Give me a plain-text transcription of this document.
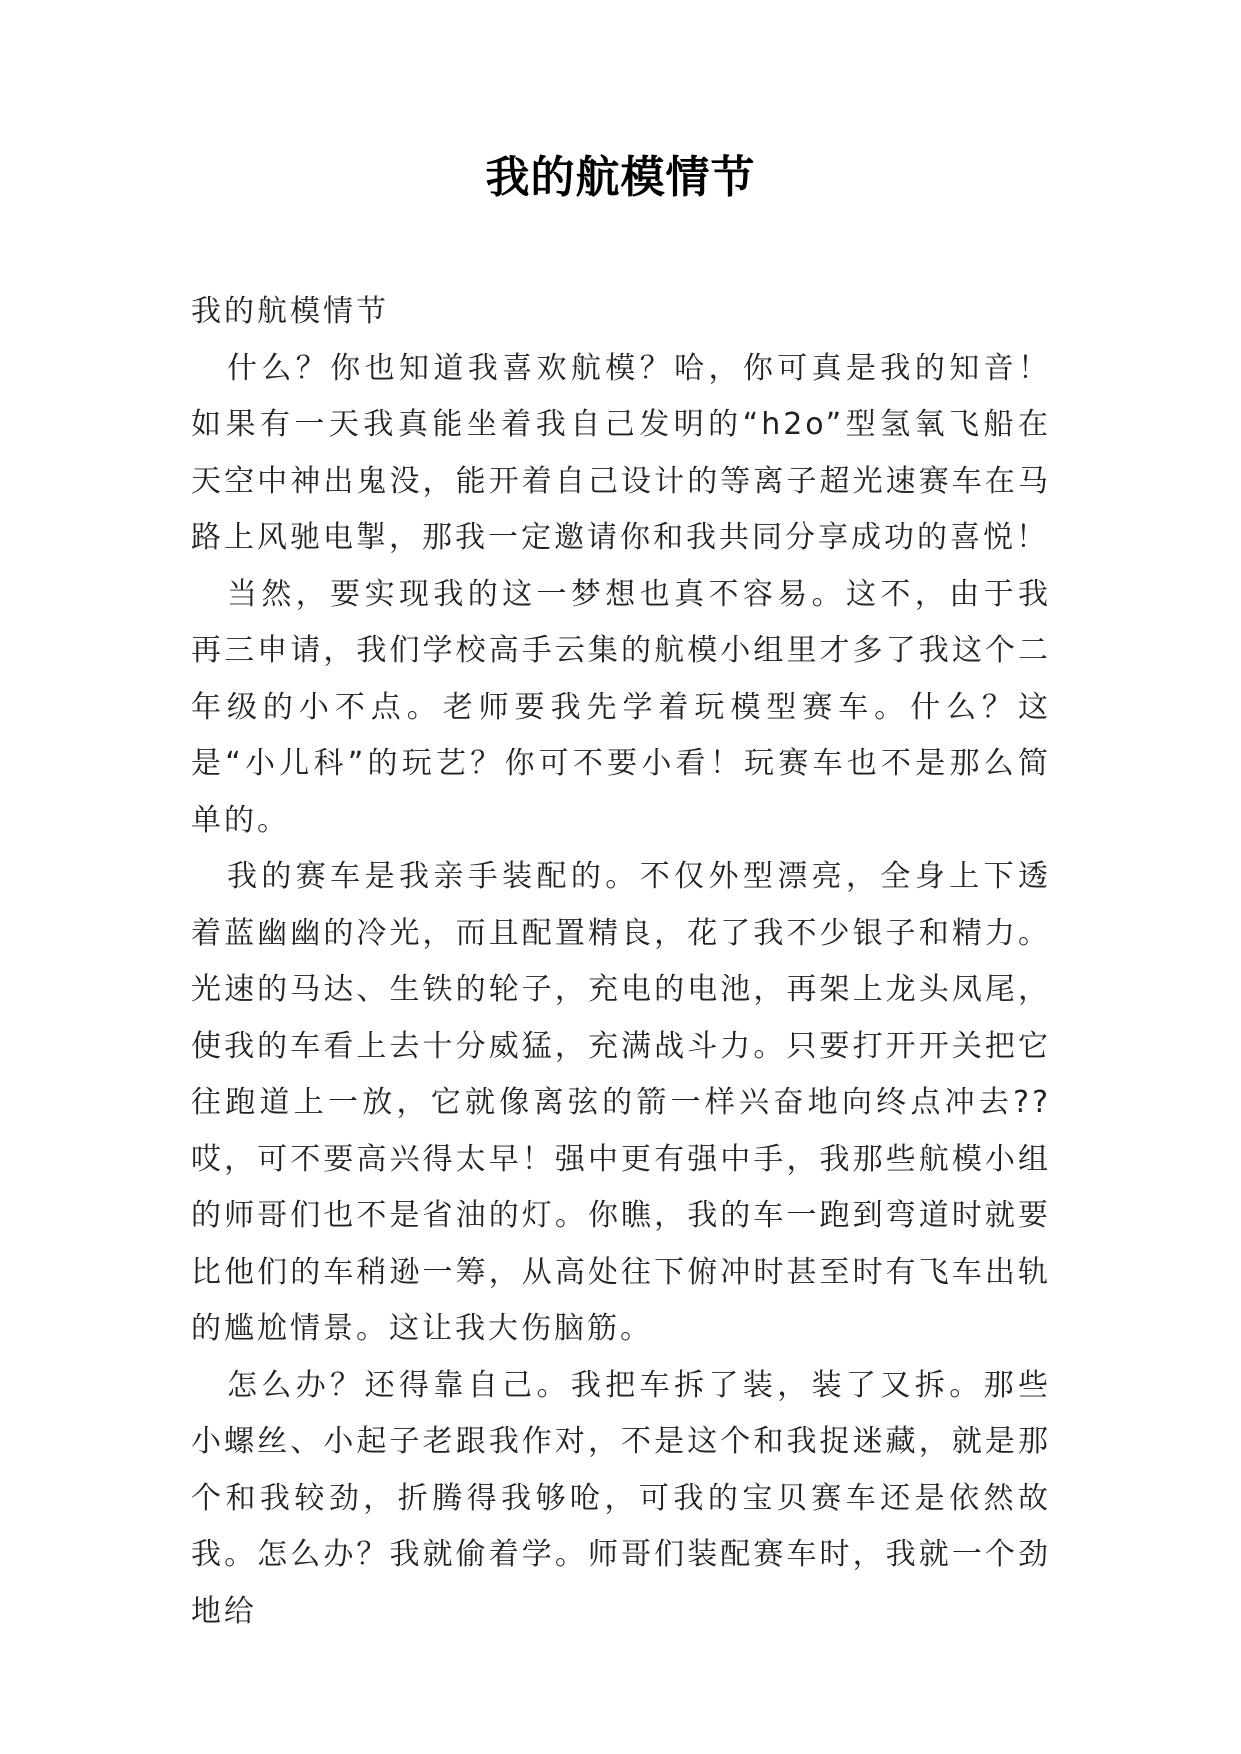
我的航模情节

我的航模情节

什么？你也知道我喜欢航模？哈，你可真是我的知音！如果有一天我真能坐着我自己发明的“h2o”型氢氧飞船在天空中神出鬼没，能开着自己设计的等离子超光速赛车在马路上风驰电掣，那我一定邀请你和我共同分享成功的喜悦！

当然，要实现我的这一梦想也真不容易。这不，由于我再三申请，我们学校高手云集的航模小组里才多了我这个二年级的小不点。老师要我先学着玩模型赛车。什么？这是“小儿科”的玩艺？你可不要小看！玩赛车也不是那么简单的。

我的赛车是我亲手装配的。不仅外型漂亮，全身上下透着蓝幽幽的冷光，而且配置精良，花了我不少银子和精力。光速的马达、生铁的轮子，充电的电池，再架上龙头凤尾，使我的车看上去十分威猛，充满战斗力。只要打开开关把它往跑道上一放，它就像离弦的箭一样兴奋地向终点冲去??哎，可不要高兴得太早！强中更有强中手，我那些航模小组的师哥们也不是省油的灯。你瞧，我的车一跑到弯道时就要比他们的车稍逊一筹，从高处往下俯冲时甚至时有飞车出轨的尴尬情景。这让我大伤脑筋。

怎么办？还得靠自己。我把车拆了装，装了又拆。那些小螺丝、小起子老跟我作对，不是这个和我捉迷藏，就是那个和我较劲，折腾得我够呛，可我的宝贝赛车还是依然故我。怎么办？我就偷着学。师哥们装配赛车时，我就一个劲地给
